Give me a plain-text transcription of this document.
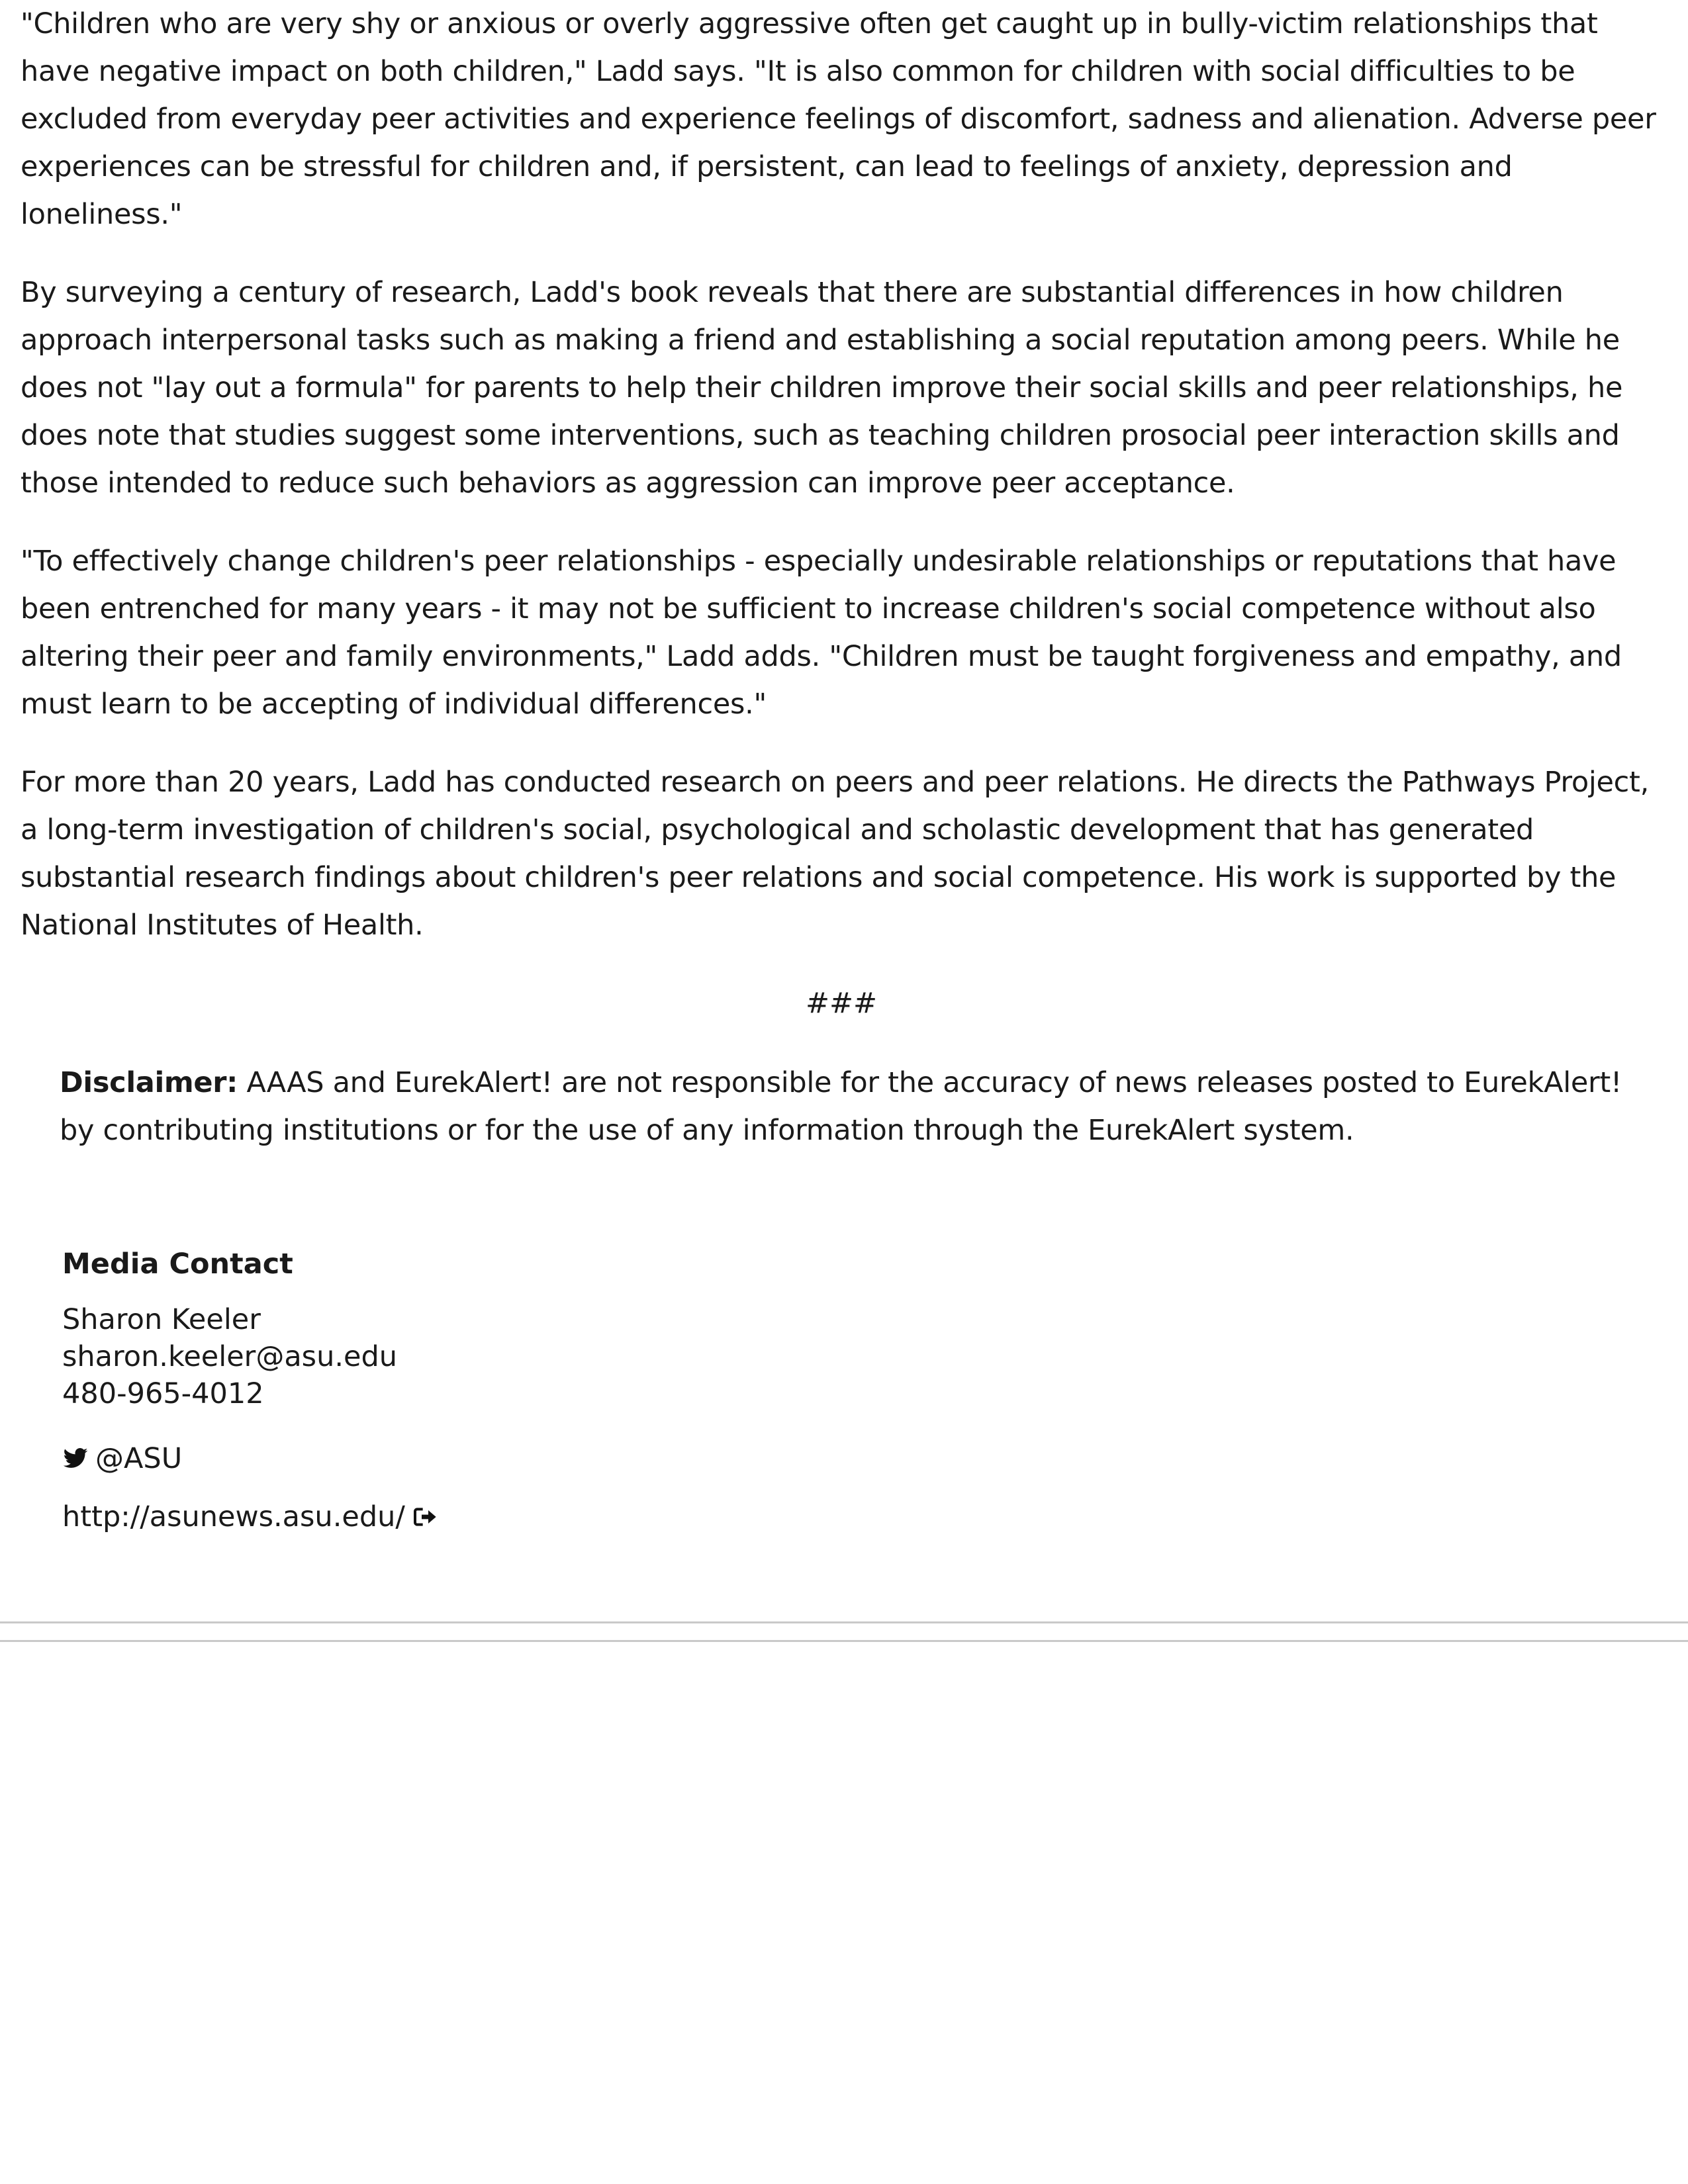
"Children who are very shy or anxious or overly aggressive often get caught up in bully-victim relationships that have negative impact on both children," Ladd says. "It is also common for children with social difficulties to be excluded from everyday peer activities and experience feelings of discomfort, sadness and alienation. Adverse peer experiences can be stressful for children and, if persistent, can lead to feelings of anxiety, depression and loneliness."

By surveying a century of research, Ladd's book reveals that there are substantial differences in how children approach interpersonal tasks such as making a friend and establishing a social reputation among peers. While he does not "lay out a formula" for parents to help their children improve their social skills and peer relationships, he does note that studies suggest some interventions, such as teaching children prosocial peer interaction skills and those intended to reduce such behaviors as aggression can improve peer acceptance.

"To effectively change children's peer relationships - especially undesirable relationships or reputations that have been entrenched for many years - it may not be sufficient to increase children's social competence without also altering their peer and family environments," Ladd adds. "Children must be taught forgiveness and empathy, and must learn to be accepting of individual differences."

For more than 20 years, Ladd has conducted research on peers and peer relations. He directs the Pathways Project, a long-term investigation of children's social, psychological and scholastic development that has generated substantial research findings about children's peer relations and social competence. His work is supported by the National Institutes of Health.

###
Disclaimer: AAAS and EurekAlert! are not responsible for the accuracy of news releases posted to EurekAlert! by contributing institutions or for the use of any information through the EurekAlert system.
Media Contact
Sharon Keeler
sharon.keeler@asu.edu
480-965-4012
@ASU
http://asunews.asu.edu/
